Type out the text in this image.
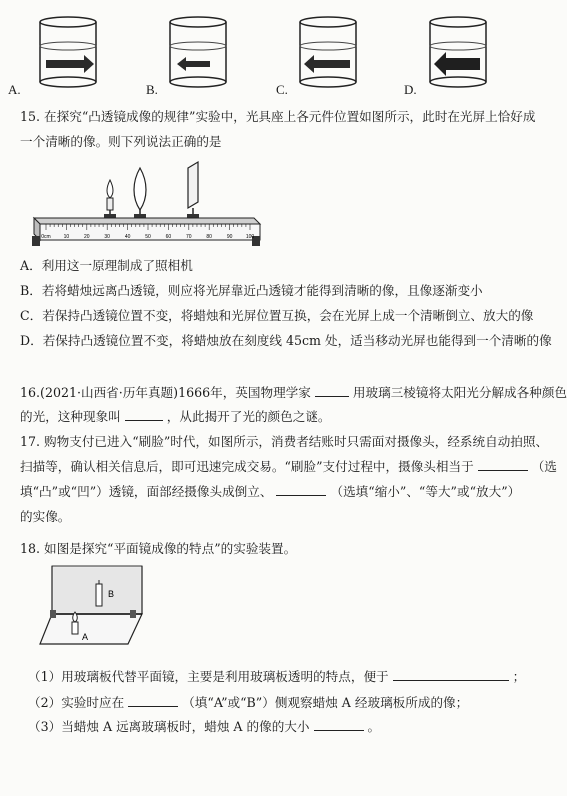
A.	B.	C.	D.
15. 在探究“凸透镜成像的规律”实验中，光具座上各元件位置如图所示，此时在光屏上恰好成
一个清晰的像。则下列说法正确的是
0cm	10	20	30	40	50	60	70	80	90	100
A．利用这一原理制成了照相机
B．若将蜡烛远离凸透镜，则应将光屏靠近凸透镜才能得到清晰的像，且像逐渐变小
C．若保持凸透镜位置不变，将蜡烛和光屏位置互换，会在光屏上成一个清晰倒立、放大的像
D．若保持凸透镜位置不变，将蜡烛放在刻度线 45cm 处，适当移动光屏也能得到一个清晰的像
16.(2021·山西省·历年真题)1666年，英国物理学家	用玻璃三棱镜将太阳光分解成各种颜色
的光，这种现象叫	，从此揭开了光的颜色之谜。
17. 购物支付已进入“刷脸”时代，如图所示，消费者结账时只需面对摄像头，经系统自动拍照、
扫描等，确认相关信息后，即可迅速完成交易。“刷脸”支付过程中，摄像头相当于	（选
填“凸”或“凹”）透镜，面部经摄像头成倒立、	（选填“缩小”、“等大”或“放大”）
的实像。
18. 如图是探究“平面镜成像的特点”的实验装置。
B
A
（1）用玻璃板代替平面镜，主要是利用玻璃板透明的特点，便于	；
（2）实验时应在	（填“A”或“B”）侧观察蜡烛 A 经玻璃板所成的像；
（3）当蜡烛 A 远离玻璃板时，蜡烛 A 的像的大小	。
